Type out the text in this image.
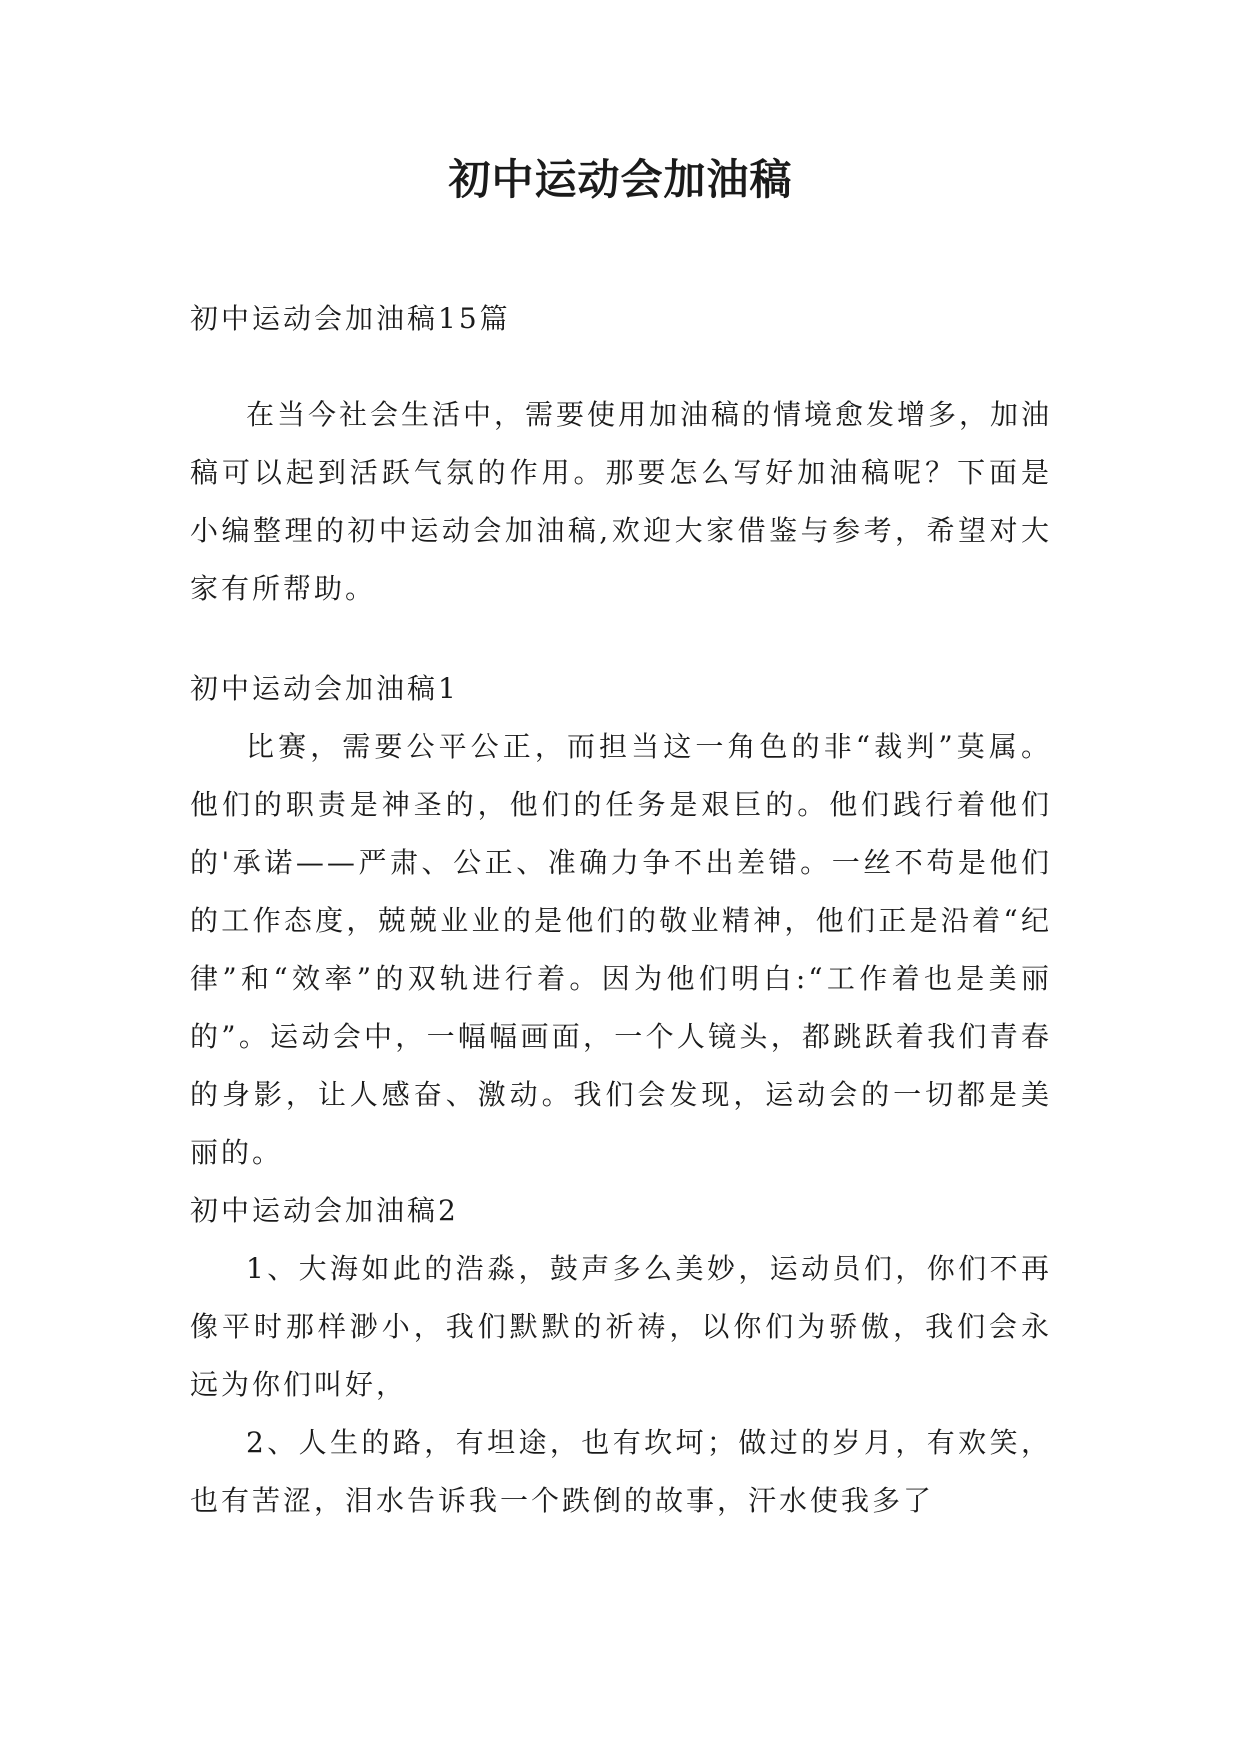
初中运动会加油稿

初中运动会加油稿15篇

在当今社会生活中，需要使用加油稿的情境愈发增多，加油稿可以起到活跃气氛的作用。那要怎么写好加油稿呢？下面是小编整理的初中运动会加油稿,欢迎大家借鉴与参考，希望对大家有所帮助。

初中运动会加油稿1

比赛，需要公平公正，而担当这一角色的非“裁判”莫属。他们的职责是神圣的，他们的任务是艰巨的。他们践行着他们的'承诺——严肃、公正、准确力争不出差错。一丝不苟是他们的工作态度，兢兢业业的是他们的敬业精神，他们正是沿着“纪律”和“效率”的双轨进行着。因为他们明白:“工作着也是美丽的”。运动会中，一幅幅画面，一个人镜头，都跳跃着我们青春的身影，让人感奋、激动。我们会发现，运动会的一切都是美丽的。

初中运动会加油稿2

1、大海如此的浩淼，鼓声多么美妙，运动员们，你们不再像平时那样渺小，我们默默的祈祷，以你们为骄傲，我们会永远为你们叫好，

2、人生的路，有坦途，也有坎坷；做过的岁月，有欢笑，也有苦涩，泪水告诉我一个跌倒的故事，汗水使我多了
